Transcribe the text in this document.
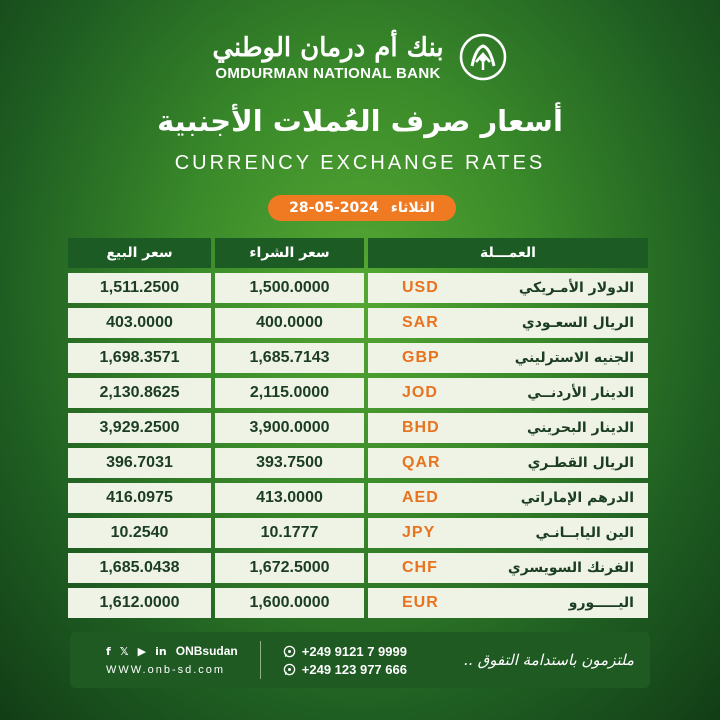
بنك أم درمان الوطني
OMDURMAN NATIONAL BANK
أسعار صرف العُملات الأجنبية
CURRENCY EXCHANGE RATES
28-05-2024 الثلاثاء
سعر البيع	سعر الشراء	العمـــلة
1,511.2500	1,500.0000	USD	الدولار الأمـريكي
403.0000	400.0000	SAR	الريال السعـودي
1,698.3571	1,685.7143	GBP	الجنيه الاسترليني
2,130.8625	2,115.0000	JOD	الدينار الأردنــي
3,929.2500	3,900.0000	BHD	الدينار البحريني
396.7031	393.7500	QAR	الريال القطـري
416.0975	413.0000	AED	الدرهم الإماراتي
10.2540	10.1777	JPY	الين اليابــانـي
1,685.0438	1,672.5000	CHF	الفرنك السويسري
1,612.0000	1,600.0000	EUR	اليـــــورو
f 𝕏 ▶ in ONBsudan
WWW.onb-sd.com
+249 9121 7 9999
+249 123 977 666	ملتزمون باستدامة التفوق ..
